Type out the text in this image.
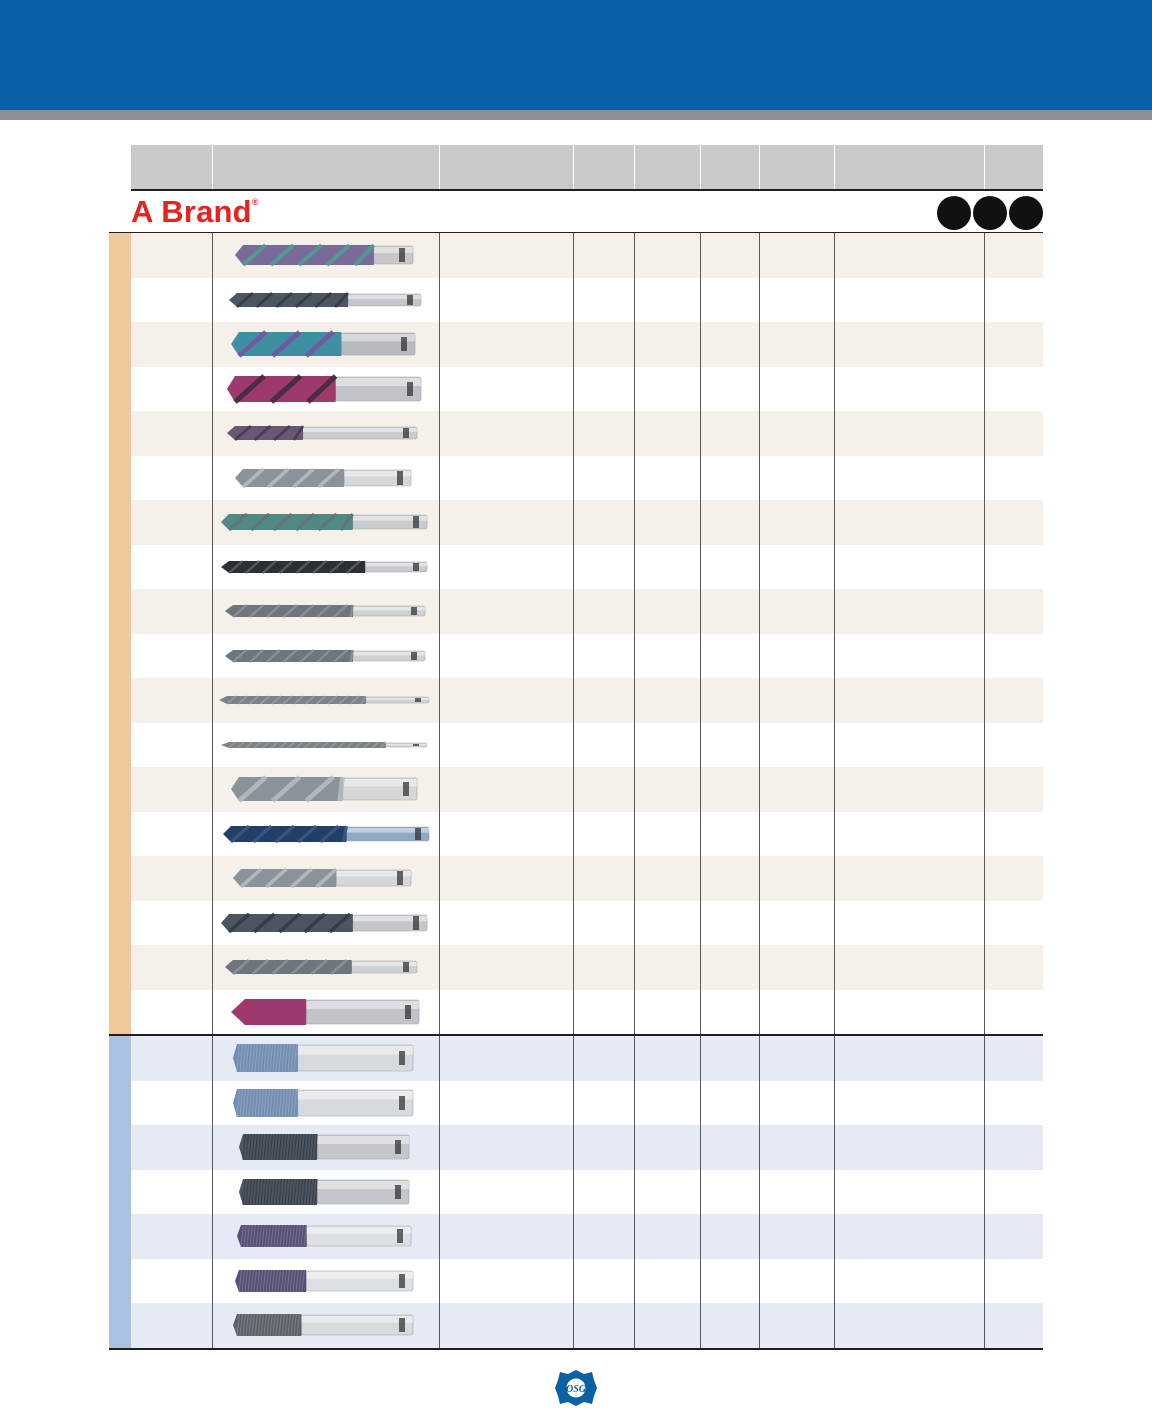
A Brand®
OSG
